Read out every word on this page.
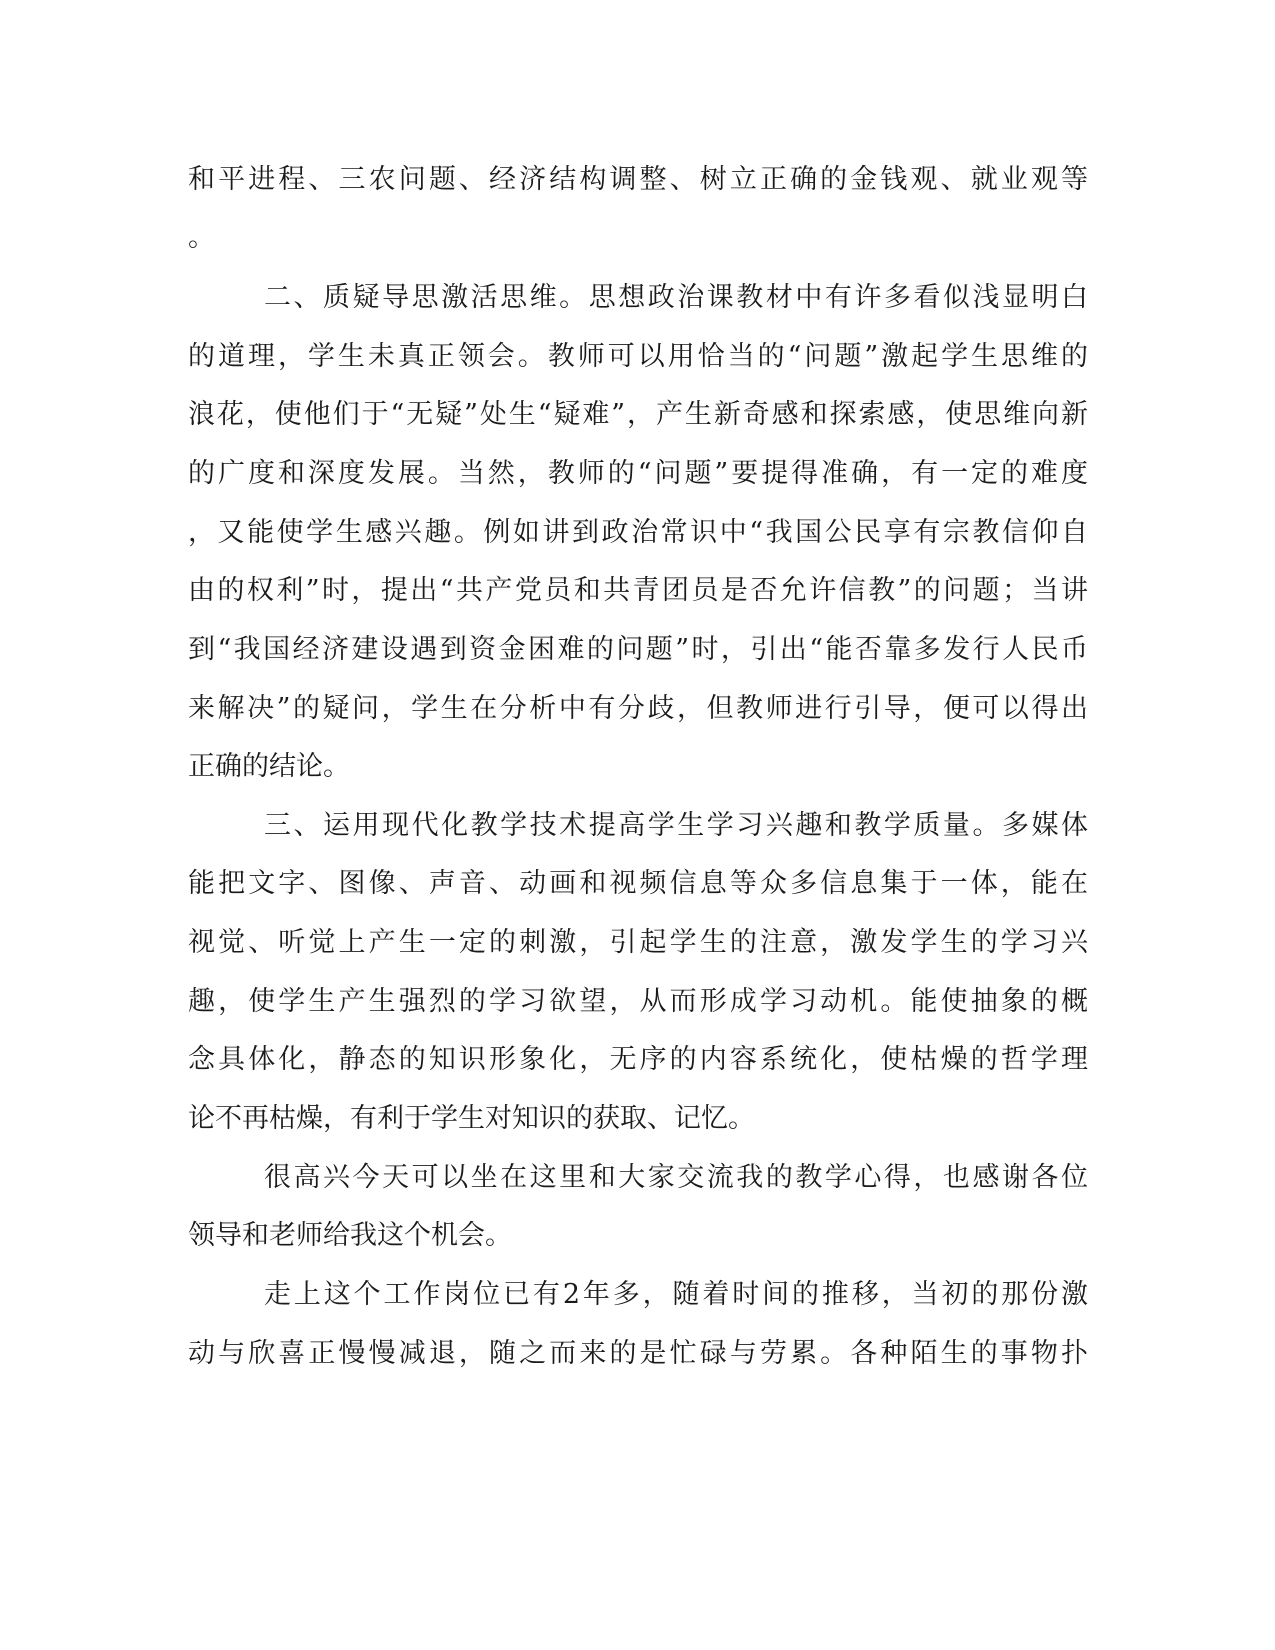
和平进程、三农问题、经济结构调整、树立正确的金钱观、就业观等
。
二、质疑导思激活思维。思想政治课教材中有许多看似浅显明白
的道理，学生未真正领会。教师可以用恰当的“问题”激起学生思维的
浪花，使他们于“无疑”处生“疑难”，产生新奇感和探索感，使思维向新
的广度和深度发展。当然，教师的“问题”要提得准确，有一定的难度
，又能使学生感兴趣。例如讲到政治常识中“我国公民享有宗教信仰自
由的权利”时，提出“共产党员和共青团员是否允许信教”的问题；当讲
到“我国经济建设遇到资金困难的问题”时，引出“能否靠多发行人民币
来解决”的疑问，学生在分析中有分歧，但教师进行引导，便可以得出
正确的结论。
三、运用现代化教学技术提高学生学习兴趣和教学质量。多媒体
能把文字、图像、声音、动画和视频信息等众多信息集于一体，能在
视觉、听觉上产生一定的刺激，引起学生的注意，激发学生的学习兴
趣，使学生产生强烈的学习欲望，从而形成学习动机。能使抽象的概
念具体化，静态的知识形象化，无序的内容系统化，使枯燥的哲学理
论不再枯燥，有利于学生对知识的获取、记忆。
很高兴今天可以坐在这里和大家交流我的教学心得，也感谢各位
领导和老师给我这个机会。
走上这个工作岗位已有2年多，随着时间的推移，当初的那份激
动与欣喜正慢慢减退，随之而来的是忙碌与劳累。各种陌生的事物扑
